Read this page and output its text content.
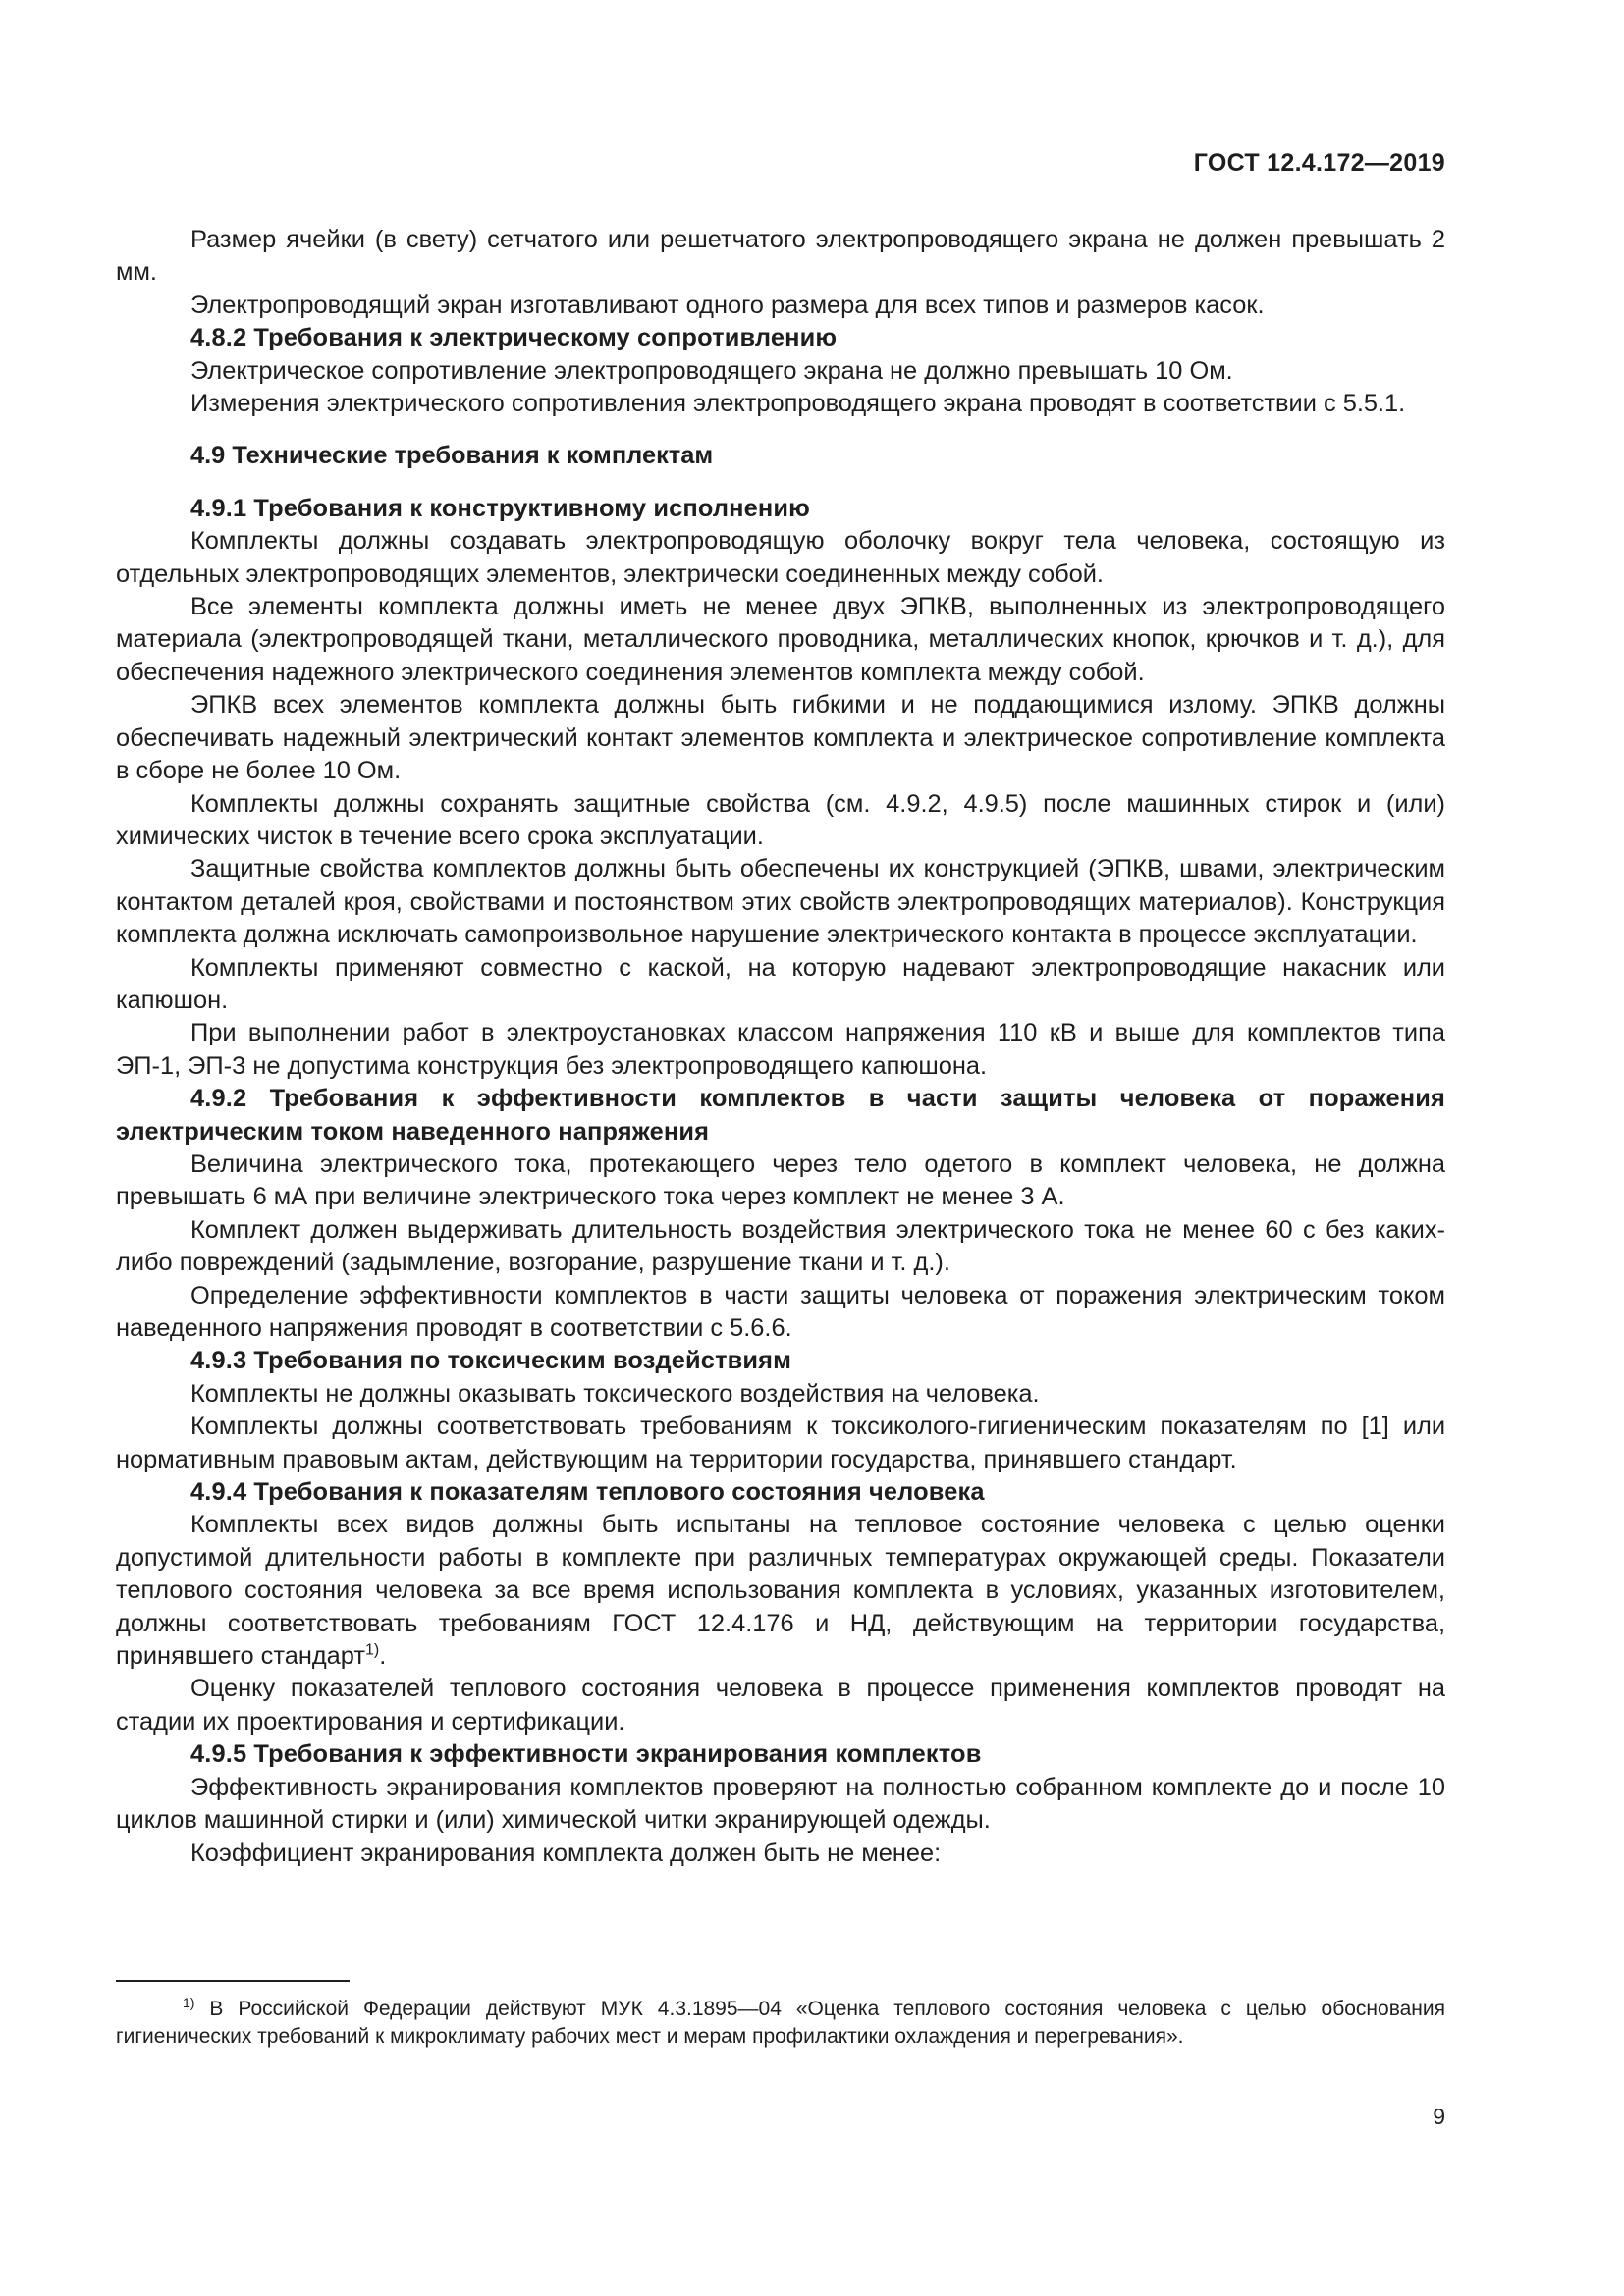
ГОСТ 12.4.172—2019

Размер ячейки (в свету) сетчатого или решетчатого электропроводящего экрана не должен превышать 2 мм.

Электропроводящий экран изготавливают одного размера для всех типов и размеров касок.

4.8.2 Требования к электрическому сопротивлению

Электрическое сопротивление электропроводящего экрана не должно превышать 10 Ом.

Измерения электрического сопротивления электропроводящего экрана проводят в соответствии с 5.5.1.

4.9 Технические требования к комплектам

4.9.1 Требования к конструктивному исполнению

Комплекты должны создавать электропроводящую оболочку вокруг тела человека, состоящую из отдельных электропроводящих элементов, электрически соединенных между собой.

Все элементы комплекта должны иметь не менее двух ЭПКВ, выполненных из электропроводящего материала (электропроводящей ткани, металлического проводника, металлических кнопок, крючков и т. д.), для обеспечения надежного электрического соединения элементов комплекта между собой.

ЭПКВ всех элементов комплекта должны быть гибкими и не поддающимися излому. ЭПКВ должны обеспечивать надежный электрический контакт элементов комплекта и электрическое сопротивление комплекта в сборе не более 10 Ом.

Комплекты должны сохранять защитные свойства (см. 4.9.2, 4.9.5) после машинных стирок и (или) химических чисток в течение всего срока эксплуатации.

Защитные свойства комплектов должны быть обеспечены их конструкцией (ЭПКВ, швами, электрическим контактом деталей кроя, свойствами и постоянством этих свойств электропроводящих материалов). Конструкция комплекта должна исключать самопроизвольное нарушение электрического контакта в процессе эксплуатации.

Комплекты применяют совместно с каской, на которую надевают электропроводящие накасник или капюшон.

При выполнении работ в электроустановках классом напряжения 110 кВ и выше для комплектов типа ЭП-1, ЭП-3 не допустима конструкция без электропроводящего капюшона.

4.9.2 Требования к эффективности комплектов в части защиты человека от поражения электрическим током наведенного напряжения

Величина электрического тока, протекающего через тело одетого в комплект человека, не должна превышать 6 мА при величине электрического тока через комплект не менее 3 А.

Комплект должен выдерживать длительность воздействия электрического тока не менее 60 с без каких-либо повреждений (задымление, возгорание, разрушение ткани и т. д.).

Определение эффективности комплектов в части защиты человека от поражения электрическим током наведенного напряжения проводят в соответствии с 5.6.6.

4.9.3 Требования по токсическим воздействиям

Комплекты не должны оказывать токсического воздействия на человека.

Комплекты должны соответствовать требованиям к токсиколого-гигиеническим показателям по [1] или нормативным правовым актам, действующим на территории государства, принявшего стандарт.

4.9.4 Требования к показателям теплового состояния человека

Комплекты всех видов должны быть испытаны на тепловое состояние человека с целью оценки допустимой длительности работы в комплекте при различных температурах окружающей среды. Показатели теплового состояния человека за все время использования комплекта в условиях, указанных изготовителем, должны соответствовать требованиям ГОСТ 12.4.176 и НД, действующим на территории государства, принявшего стандарт$^{1)}$.

Оценку показателей теплового состояния человека в процессе применения комплектов проводят на стадии их проектирования и сертификации.

4.9.5 Требования к эффективности экранирования комплектов

Эффективность экранирования комплектов проверяют на полностью собранном комплекте до и после 10 циклов машинной стирки и (или) химической читки экранирующей одежды.

Коэффициент экранирования комплекта должен быть не менее:

$^{1)}$ В Российской Федерации действуют МУК 4.3.1895—04 «Оценка теплового состояния человека с целью обоснования гигиенических требований к микроклимату рабочих мест и мерам профилактики охлаждения и перегревания».

9
